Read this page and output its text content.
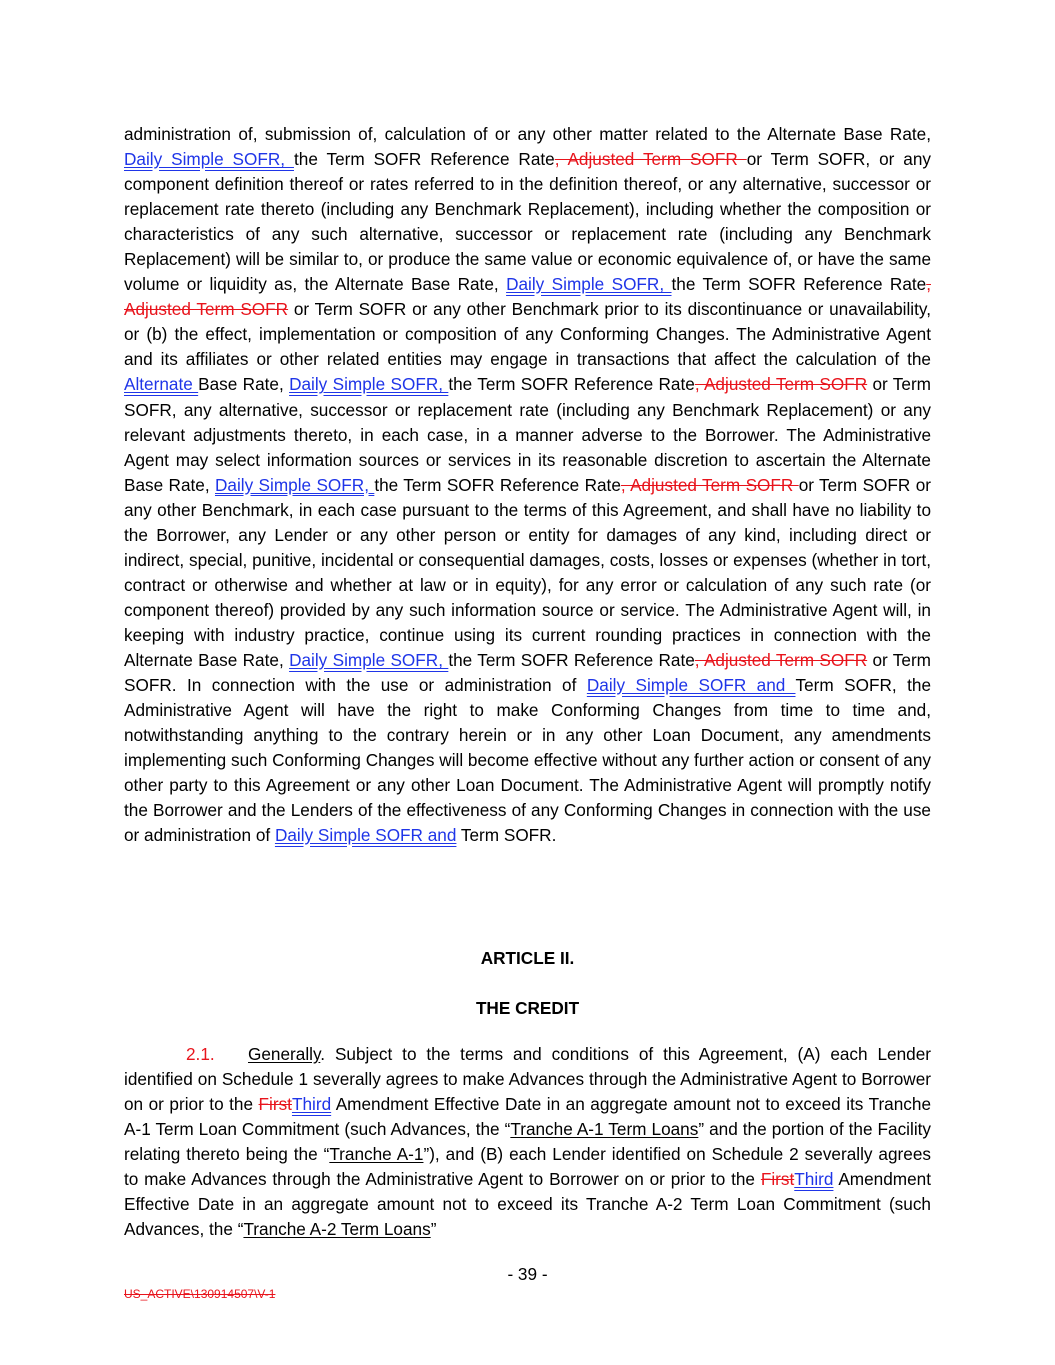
administration of, submission of, calculation of or any other matter related to the Alternate Base Rate, Daily Simple SOFR, the Term SOFR Reference Rate, Adjusted Term SOFR or Term SOFR, or any component definition thereof or rates referred to in the definition thereof, or any alternative, successor or replacement rate thereto (including any Benchmark Replacement), including whether the composition or characteristics of any such alternative, successor or replacement rate (including any Benchmark Replacement) will be similar to, or produce the same value or economic equivalence of, or have the same volume or liquidity as, the Alternate Base Rate, Daily Simple SOFR, the Term SOFR Reference Rate, Adjusted Term SOFR or Term SOFR or any other Benchmark prior to its discontinuance or unavailability, or (b) the effect, implementation or composition of any Conforming Changes. The Administrative Agent and its affiliates or other related entities may engage in transactions that affect the calculation of the Alternate Base Rate, Daily Simple SOFR, the Term SOFR Reference Rate, Adjusted Term SOFR or Term SOFR, any alternative, successor or replacement rate (including any Benchmark Replacement) or any relevant adjustments thereto, in each case, in a manner adverse to the Borrower. The Administrative Agent may select information sources or services in its reasonable discretion to ascertain the Alternate Base Rate, Daily Simple SOFR, the Term SOFR Reference Rate, Adjusted Term SOFR or Term SOFR or any other Benchmark, in each case pursuant to the terms of this Agreement, and shall have no liability to the Borrower, any Lender or any other person or entity for damages of any kind, including direct or indirect, special, punitive, incidental or consequential damages, costs, losses or expenses (whether in tort, contract or otherwise and whether at law or in equity), for any error or calculation of any such rate (or component thereof) provided by any such information source or service. The Administrative Agent will, in keeping with industry practice, continue using its current rounding practices in connection with the Alternate Base Rate, Daily Simple SOFR, the Term SOFR Reference Rate, Adjusted Term SOFR or Term SOFR. In connection with the use or administration of Daily Simple SOFR and Term SOFR, the Administrative Agent will have the right to make Conforming Changes from time to time and, notwithstanding anything to the contrary herein or in any other Loan Document, any amendments implementing such Conforming Changes will become effective without any further action or consent of any other party to this Agreement or any other Loan Document. The Administrative Agent will promptly notify the Borrower and the Lenders of the effectiveness of any Conforming Changes in connection with the use or administration of Daily Simple SOFR and Term SOFR.

ARTICLE II.

THE CREDIT

2.1. Generally. Subject to the terms and conditions of this Agreement, (A) each Lender identified on Schedule 1 severally agrees to make Advances through the Administrative Agent to Borrower on or prior to the FirstThird Amendment Effective Date in an aggregate amount not to exceed its Tranche A-1 Term Loan Commitment (such Advances, the “Tranche A-1 Term Loans” and the portion of the Facility relating thereto being the “Tranche A-1”), and (B) each Lender identified on Schedule 2 severally agrees to make Advances through the Administrative Agent to Borrower on or prior to the FirstThird Amendment Effective Date in an aggregate amount not to exceed its Tranche A-2 Term Loan Commitment (such Advances, the “Tranche A-2 Term Loans”

- 39 -
US_ACTIVE\130914507\V-1
